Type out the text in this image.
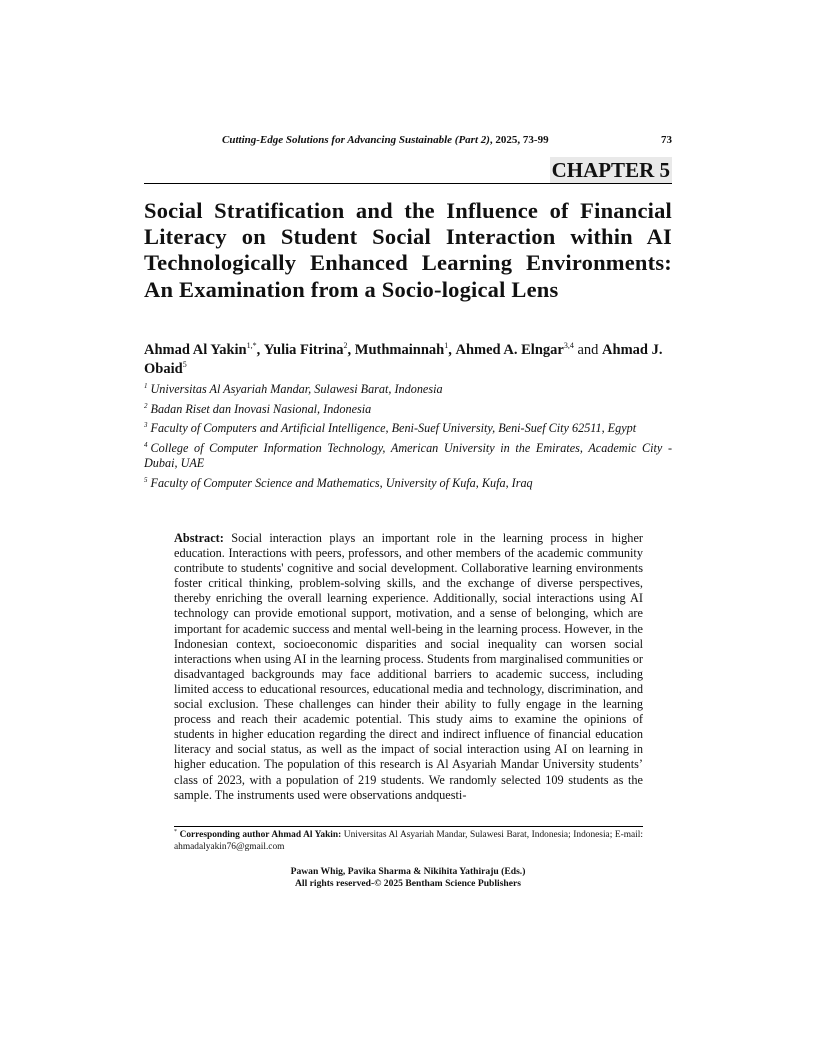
Cutting-Edge Solutions for Advancing Sustainable (Part 2), 2025, 73-99	73
CHAPTER 5
Social Stratification and the Influence of Financial Literacy on Student Social Interaction within AI Technologically Enhanced Learning Environments: An Examination from a Socio-logical Lens

Ahmad Al Yakin$^{1,*}$, Yulia Fitrina$^2$, Muthmainnah$^1$, Ahmed A. Elngar$^{3,4}$ and Ahmad J. Obaid$^5$

$^1$ Universitas Al Asyariah Mandar, Sulawesi Barat, Indonesia
$^2$ Badan Riset dan Inovasi Nasional, Indonesia
$^3$ Faculty of Computers and Artificial Intelligence, Beni-Suef University, Beni-Suef City 62511, Egypt
$^4$ College of Computer Information Technology, American University in the Emirates, Academic City - Dubai, UAE
$^5$ Faculty of Computer Science and Mathematics, University of Kufa, Kufa, Iraq

Abstract: Social interaction plays an important role in the learning process in higher education. Interactions with peers, professors, and other members of the academic community contribute to students' cognitive and social development. Collaborative learning environments foster critical thinking, problem-solving skills, and the exchange of diverse perspectives, thereby enriching the overall learning experience. Additionally, social interactions using AI technology can provide emotional support, motivation, and a sense of belonging, which are important for academic success and mental well-being in the learning process. However, in the Indonesian context, socioeconomic disparities and social inequality can worsen social interactions when using AI in the learning process. Students from marginalised communities or disadvantaged backgrounds may face additional barriers to academic success, including limited access to educational resources, educational media and technology, discrimination, and social exclusion. These challenges can hinder their ability to fully engage in the learning process and reach their academic potential. This study aims to examine the opinions of students in higher education regarding the direct and indirect influence of financial education literacy and social status, as well as the impact of social interaction using AI on learning in higher education. The population of this research is Al Asyariah Mandar University students’ class of 2023, with a population of 219 students. We randomly selected 109 students as the sample. The instruments used were observations andquesti-

* Corresponding author Ahmad Al Yakin: Universitas Al Asyariah Mandar, Sulawesi Barat, Indonesia; Indonesia; E-mail: ahmadalyakin76@gmail.com

Pawan Whig, Pavika Sharma & Nikihita Yathiraju (Eds.)
All rights reserved-© 2025 Bentham Science Publishers
